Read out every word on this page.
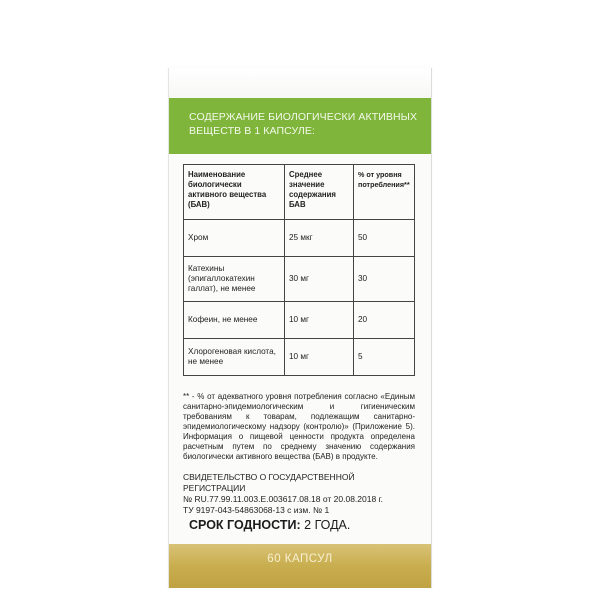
СОДЕРЖАНИЕ БИОЛОГИЧЕСКИ АКТИВНЫХ
ВЕЩЕСТВ В 1 КАПСУЛЕ:
Наименование биологически активного вещества (БАВ)	Среднее значение содержания БАВ	% от уровня потребления**
Хром	25 мкг	50
Катехины (эпигаллокатехин галлат), не менее	30 мг	30
Кофеин, не менее	10 мг	20
Хлорогеновая кислота, не менее	10 мг	5
** - % от адекватного уровня потребления согласно «Единым санитарно-эпидемиологическим и гигиеническим требованиям к товарам, подлежащим санитарно-эпидемиологическому надзору (контролю)» (Приложение 5). Информация о пищевой ценности продукта определена расчетным путем по среднему значению содержания биологически активного вещества (БАВ) в продукте.
СВИДЕТЕЛЬСТВО О ГОСУДАРСТВЕННОЙ РЕГИСТРАЦИИ
№ RU.77.99.11.003.E.003617.08.18 от 20.08.2018 г.
ТУ 9197-043-54863068-13 с изм. № 1
СРОК ГОДНОСТИ: 2 ГОДА.
60 КАПСУЛ
